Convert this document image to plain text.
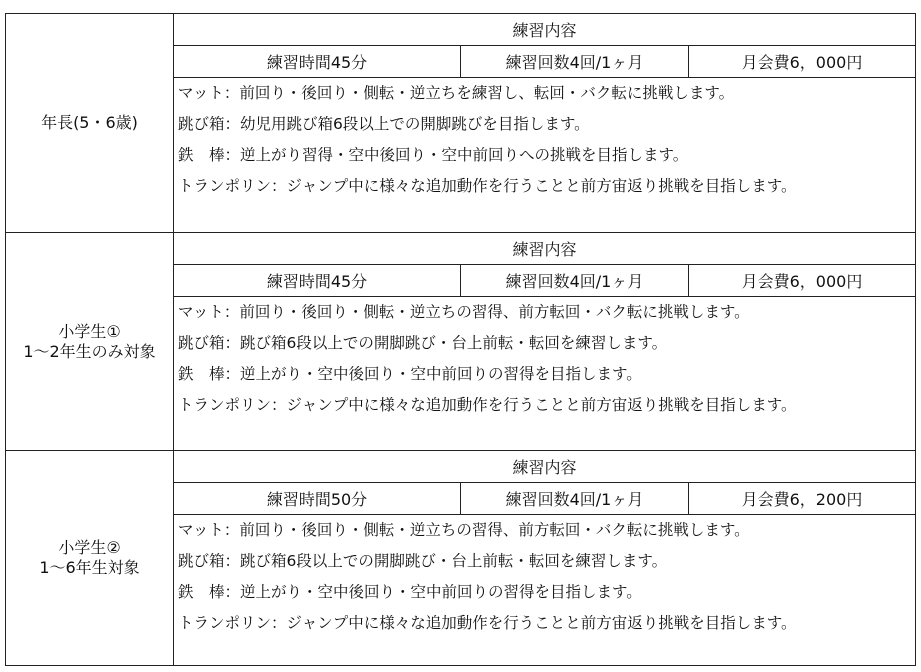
年長(5・6歳)
練習内容
練習時間45分	練習回数4回/1ヶ月	月会費6，000円
マット：前回り・後回り・側転・逆立ちを練習し、転回・バク転に挑戦します。
跳び箱：幼児用跳び箱6段以上での開脚跳びを目指します。
鉄　棒：逆上がり習得・空中後回り・空中前回りへの挑戦を目指します。
トランポリン：ジャンプ中に様々な追加動作を行うことと前方宙返り挑戦を目指します。
小学生①
1～2年生のみ対象
練習内容
練習時間45分	練習回数4回/1ヶ月	月会費6，000円
マット：前回り・後回り・側転・逆立ちの習得、前方転回・バク転に挑戦します。
跳び箱：跳び箱6段以上での開脚跳び・台上前転・転回を練習します。
鉄　棒：逆上がり・空中後回り・空中前回りの習得を目指します。
トランポリン：ジャンプ中に様々な追加動作を行うことと前方宙返り挑戦を目指します。
小学生②
1～6年生対象
練習内容
練習時間50分	練習回数4回/1ヶ月	月会費6，200円
マット：前回り・後回り・側転・逆立ちの習得、前方転回・バク転に挑戦します。
跳び箱：跳び箱6段以上での開脚跳び・台上前転・転回を練習します。
鉄　棒：逆上がり・空中後回り・空中前回りの習得を目指します。
トランポリン：ジャンプ中に様々な追加動作を行うことと前方宙返り挑戦を目指します。
